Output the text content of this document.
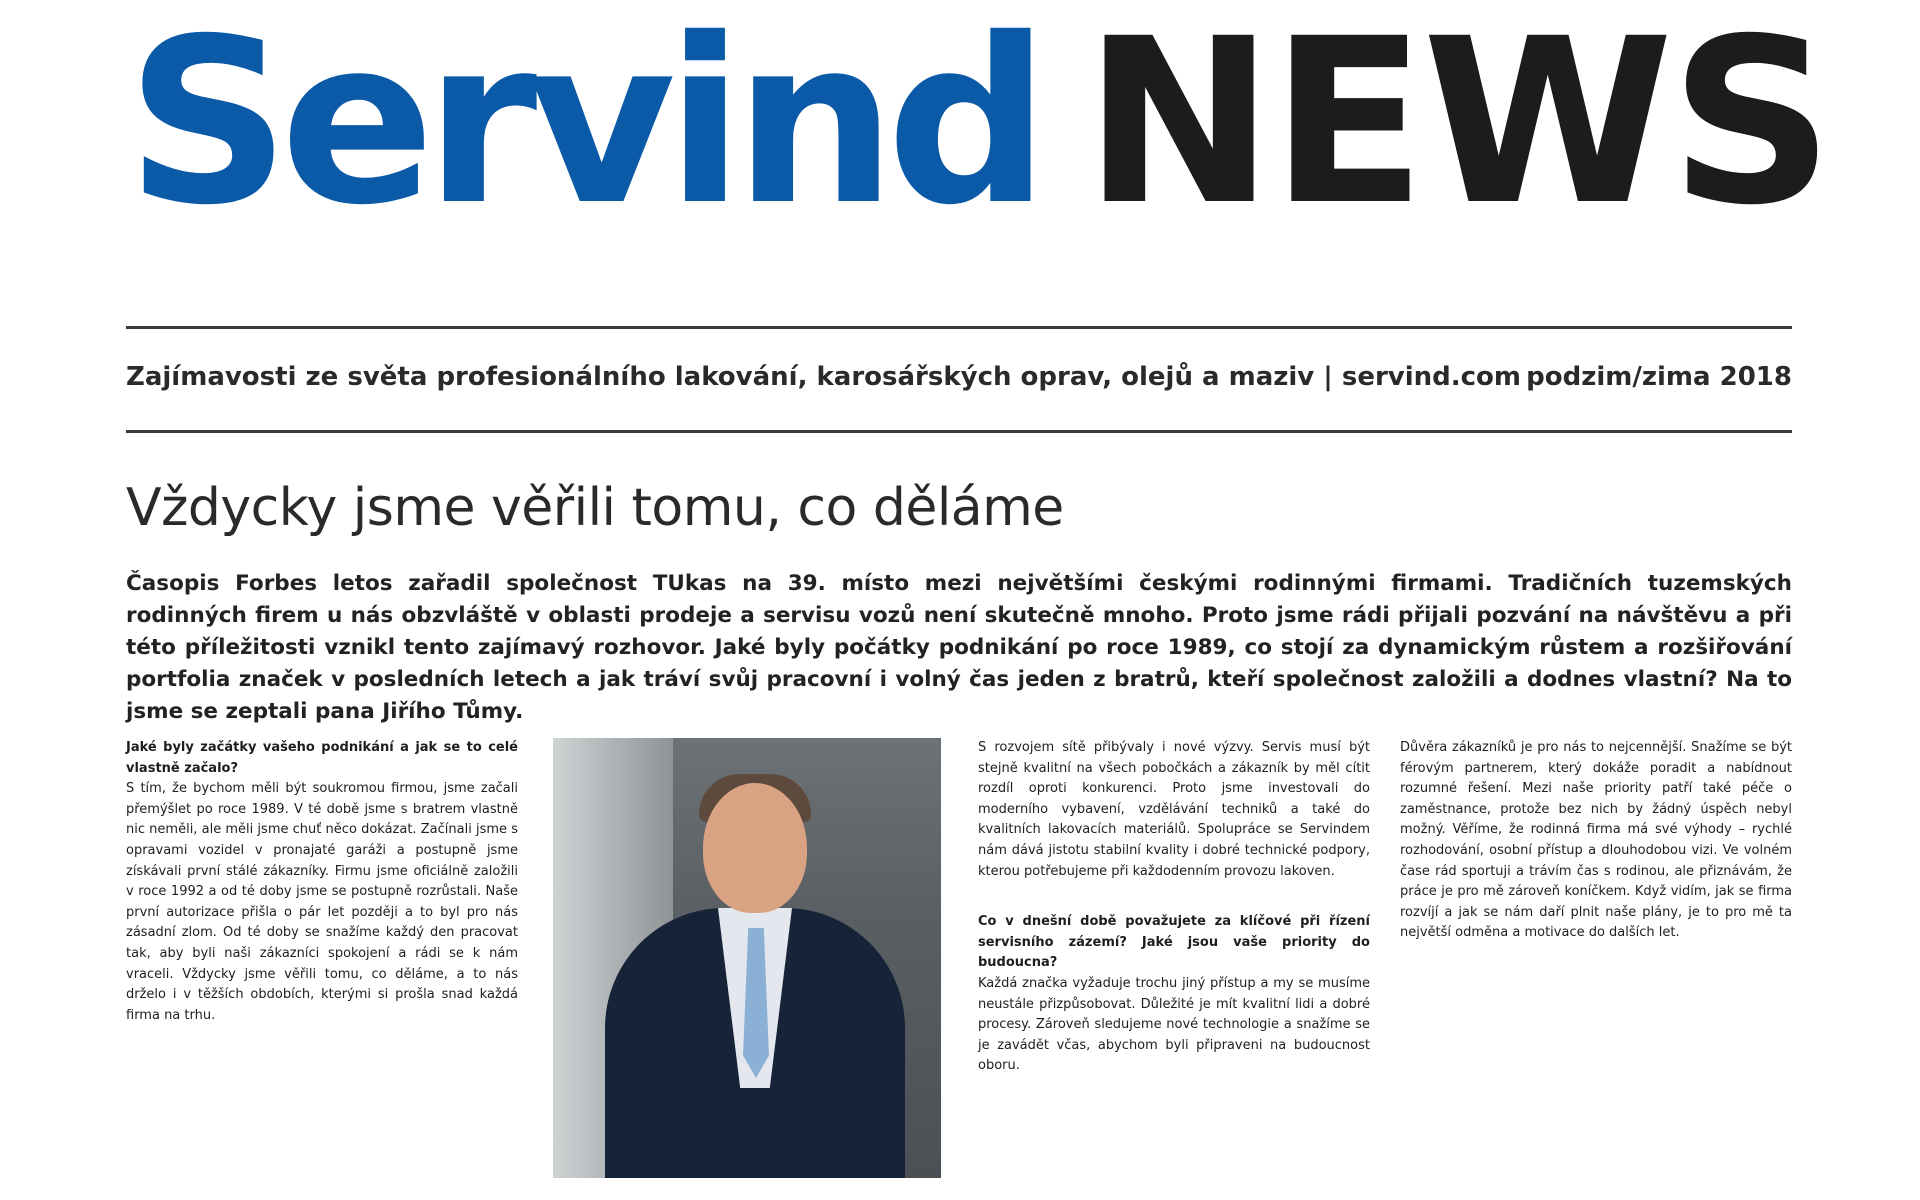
Servind NEWS
Zajímavosti ze světa profesionálního lakování, karosářských oprav, olejů a maziv | servind.com podzim/zima 2018
Vždycky jsme věřili tomu, co děláme
Časopis Forbes letos zařadil společnost TUkas na 39. místo mezi největšími českými rodinnými firmami. Tradičních tuzemských rodinných firem u nás obzvláště v oblasti prodeje a servisu vozů není skutečně mnoho. Proto jsme rádi přijali pozvání na návštěvu a při této příležitosti vznikl tento zajímavý rozhovor. Jaké byly počátky podnikání po roce 1989, co stojí za dynamickým růstem a rozšiřování portfolia značek v posledních letech a jak tráví svůj pracovní i volný čas jeden z bratrů, kteří společnost založili a dodnes vlastní? Na to jsme se zeptali pana Jiřího Tůmy.

Jaké byly začátky vašeho podnikání a jak se to celé vlastně začalo?

S tím, že bychom měli být soukromou firmou, jsme začali přemýšlet po roce 1989. V té době jsme s bratrem vlastně nic neměli, ale měli jsme chuť něco dokázat. Začínali jsme s opravami vozidel v pronajaté garáži a postupně jsme získávali první stálé zákazníky. Firmu jsme oficiálně založili v roce 1992 a od té doby jsme se postupně rozrůstali. Naše první autorizace přišla o pár let později a to byl pro nás zásadní zlom. Od té doby se snažíme každý den pracovat tak, aby byli naši zákazníci spokojení a rádi se k nám vraceli. Vždycky jsme věřili tomu, co děláme, a to nás drželo i v těžších obdobích, kterými si prošla snad každá firma na trhu.

S rozvojem sítě přibývaly i nové výzvy. Servis musí být stejně kvalitní na všech pobočkách a zákazník by měl cítit rozdíl oproti konkurenci. Proto jsme investovali do moderního vybavení, vzdělávání techniků a také do kvalitních lakovacích materiálů. Spolupráce se Servindem nám dává jistotu stabilní kvality i dobré technické podpory, kterou potřebujeme při každodenním provozu lakoven.

Co v dnešní době považujete za klíčové při řízení servisního zázemí? Jaké jsou vaše priority do budoucna?

Každá značka vyžaduje trochu jiný přístup a my se musíme neustále přizpůsobovat. Důležité je mít kvalitní lidi a dobré procesy. Zároveň sledujeme nové technologie a snažíme se je zavádět včas, abychom byli připraveni na budoucnost oboru.

Důvěra zákazníků je pro nás to nejcennější. Snažíme se být férovým partnerem, který dokáže poradit a nabídnout rozumné řešení. Mezi naše priority patří také péče o zaměstnance, protože bez nich by žádný úspěch nebyl možný. Věříme, že rodinná firma má své výhody – rychlé rozhodování, osobní přístup a dlouhodobou vizi. Ve volném čase rád sportuji a trávím čas s rodinou, ale přiznávám, že práce je pro mě zároveň koníčkem. Když vidím, jak se firma rozvíjí a jak se nám daří plnit naše plány, je to pro mě ta největší odměna a motivace do dalších let.
